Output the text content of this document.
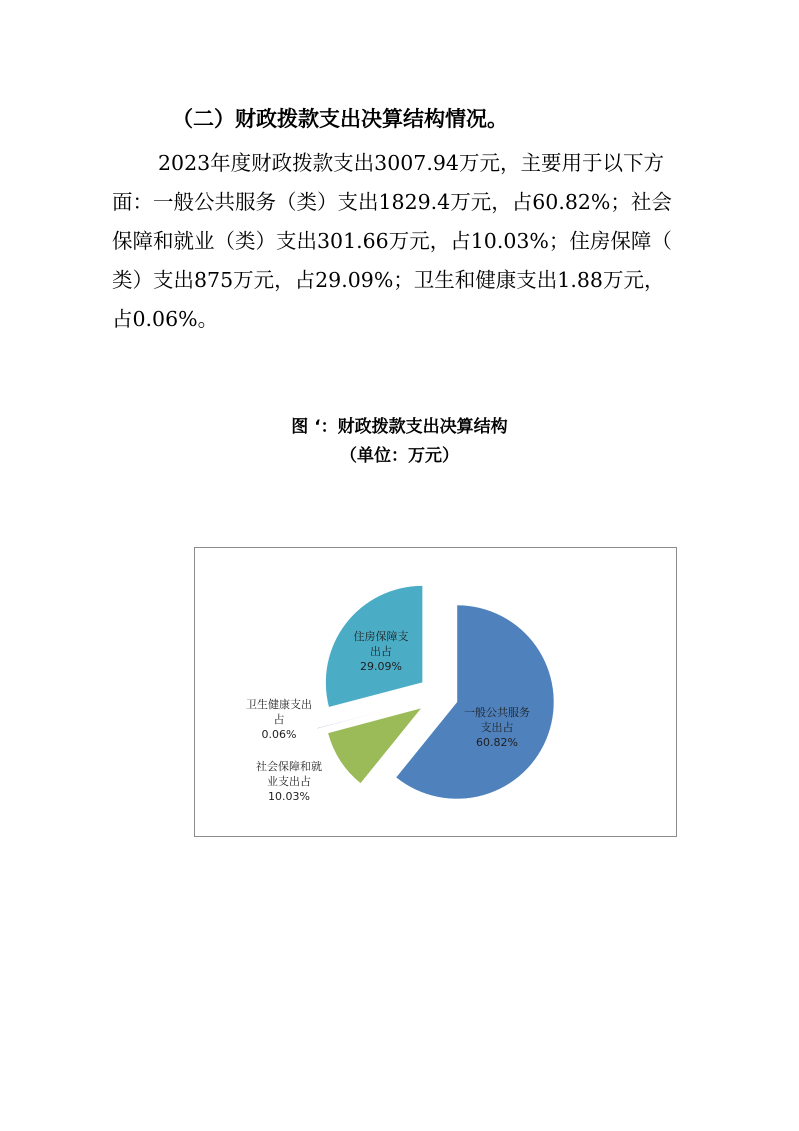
（二）财政拨款支出决算结构情况。
2023年度财政拨款支出3007.94万元，主要用于以下方
面：一般公共服务（类）支出1829.4万元，占60.82%；社会
保障和就业（类）支出301.66万元，占10.03%；住房保障（
类）支出875万元，占29.09%；卫生和健康支出1.88万元，
占0.06%。
图 ‘：财政拨款支出决算结构
（单位：万元）
一般公共服务支出占 60.82%
社会保障和就业支出占 10.03%
卫生健康支出占 0.06%
住房保障支出占 29.09%
